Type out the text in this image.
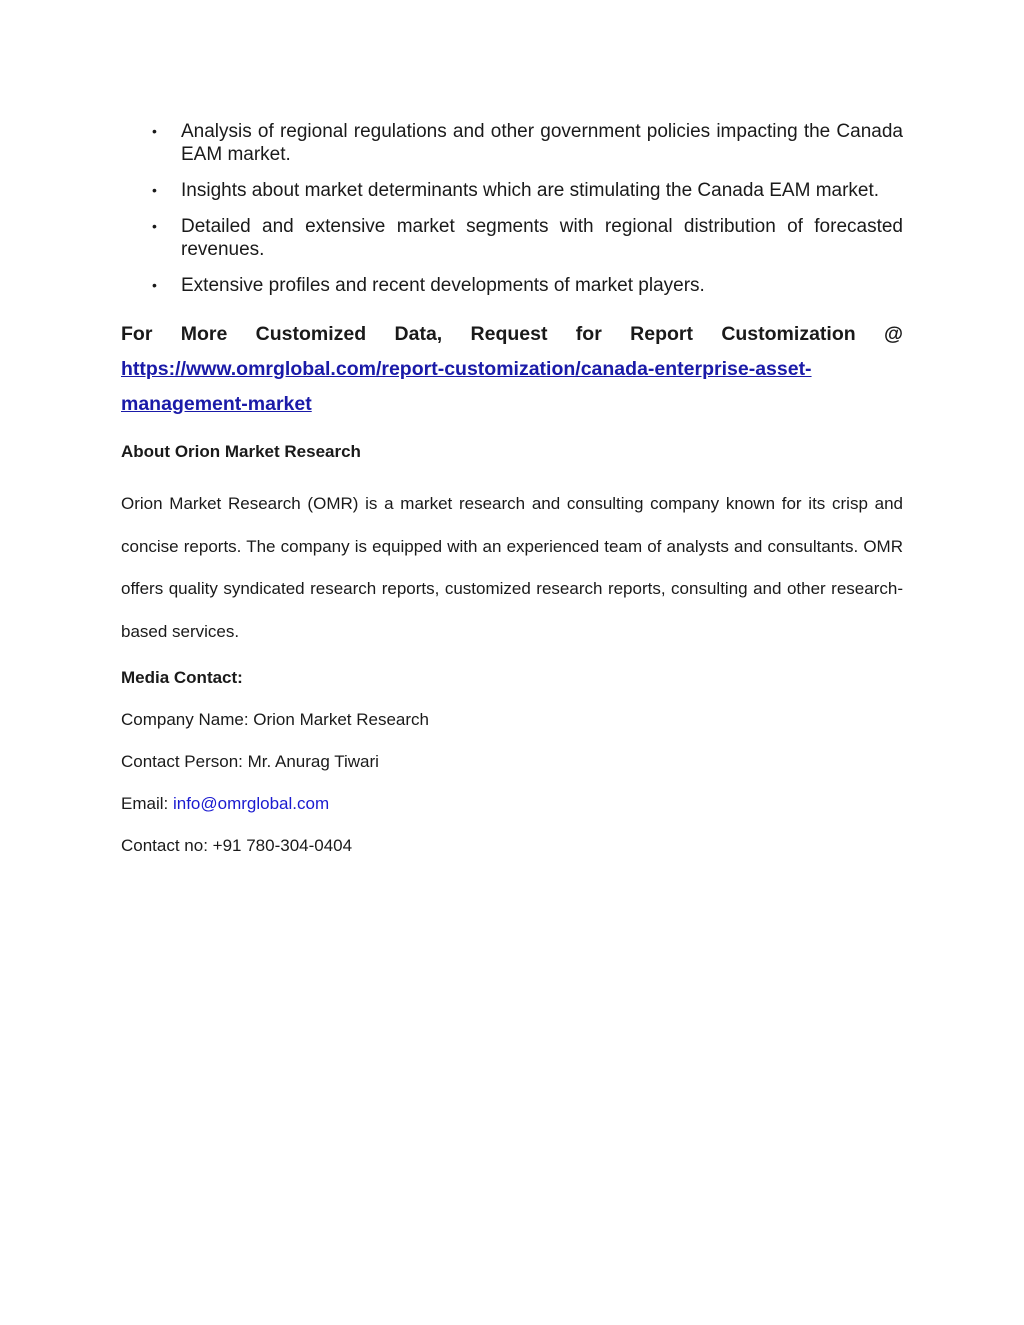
• Analysis of regional regulations and other government policies impacting the Canada EAM market.
• Insights about market determinants which are stimulating the Canada EAM market.
• Detailed and extensive market segments with regional distribution of forecasted revenues.
• Extensive profiles and recent developments of market players.
For More Customized Data, Request for Report Customization @ https://www.omrglobal.com/report-customization/canada-enterprise-asset-management-market
About Orion Market Research
Orion Market Research (OMR) is a market research and consulting company known for its crisp and concise reports. The company is equipped with an experienced team of analysts and consultants. OMR offers quality syndicated research reports, customized research reports, consulting and other research-based services.
Media Contact:
Company Name: Orion Market Research
Contact Person: Mr. Anurag Tiwari
Email: info@omrglobal.com
Contact no: +91 780-304-0404
